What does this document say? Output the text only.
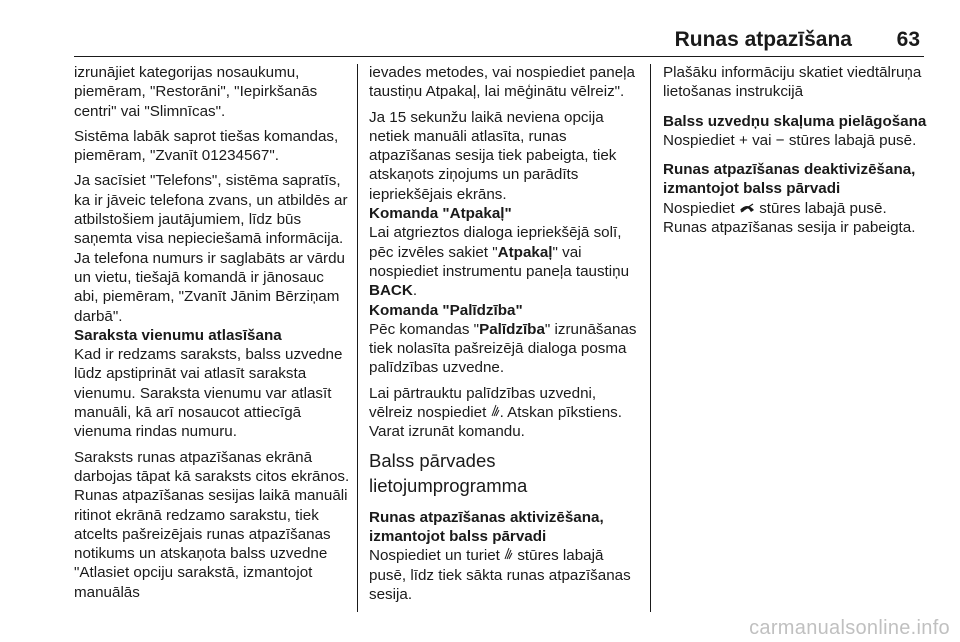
Runas atpazīšana 63

izrunājiet kategorijas nosaukumu, piemēram, "Restorāni", "Iepirkšanās centri" vai "Slimnīcas".

Sistēma labāk saprot tiešas komandas, piemēram, "Zvanīt 01234567".

Ja sacīsiet "Telefons", sistēma sapratīs, ka ir jāveic telefona zvans, un atbildēs ar atbilstošiem jautājumiem, līdz būs saņemta visa nepieciešamā informācija. Ja telefona numurs ir saglabāts ar vārdu un vietu, tiešajā komandā ir jānosauc abi, piemēram, "Zvanīt Jānim Bērziņam darbā".

Saraksta vienumu atlasīšana

Kad ir redzams saraksts, balss uzvedne lūdz apstiprināt vai atlasīt saraksta vienumu. Saraksta vienumu var atlasīt manuāli, kā arī nosaucot attiecīgā vienuma rindas numuru.

Saraksts runas atpazīšanas ekrānā darbojas tāpat kā saraksts citos ekrānos. Runas atpazīšanas sesijas laikā manuāli ritinot ekrānā redzamo sarakstu, tiek atcelts pašreizējais runas atpazīšanas notikums un atskaņota balss uzvedne "Atlasiet opciju sarakstā, izmantojot manuālās

ievades metodes, vai nospiediet paneļa taustiņu Atpakaļ, lai mēģinātu vēlreiz".

Ja 15 sekunžu laikā neviena opcija netiek manuāli atlasīta, runas atpazīšanas sesija tiek pabeigta, tiek atskaņots ziņojums un parādīts iepriekšējais ekrāns.

Komanda "Atpakaļ"

Lai atgrieztos dialoga iepriekšējā solī, pēc izvēles sakiet "Atpakaļ" vai nospiediet instrumentu paneļa taustiņu BACK.

Komanda "Palīdzība"

Pēc komandas "Palīdzība" izrunāšanas tiek nolasīta pašreizējā dialoga posma palīdzības uzvedne.

Lai pārtrauktu palīdzības uzvedni, vēlreiz nospiediet . Atskan pīkstiens. Varat izrunāt komandu.

Balss pārvades lietojumprogramma
Runas atpazīšanas aktivizēšana, izmantojot balss pārvadi

Nospiediet un turiet  stūres labajā pusē, līdz tiek sākta runas atpazīšanas sesija.

Plašāku informāciju skatiet viedtālruņa lietošanas instrukcijā

Balss uzvedņu skaļuma pielāgošana

Nospiediet + vai − stūres labajā pusē.

Runas atpazīšanas deaktivizēšana, izmantojot balss pārvadi

Nospiediet  stūres labajā pusē. Runas atpazīšanas sesija ir pabeigta.

carmanualsonline.info
